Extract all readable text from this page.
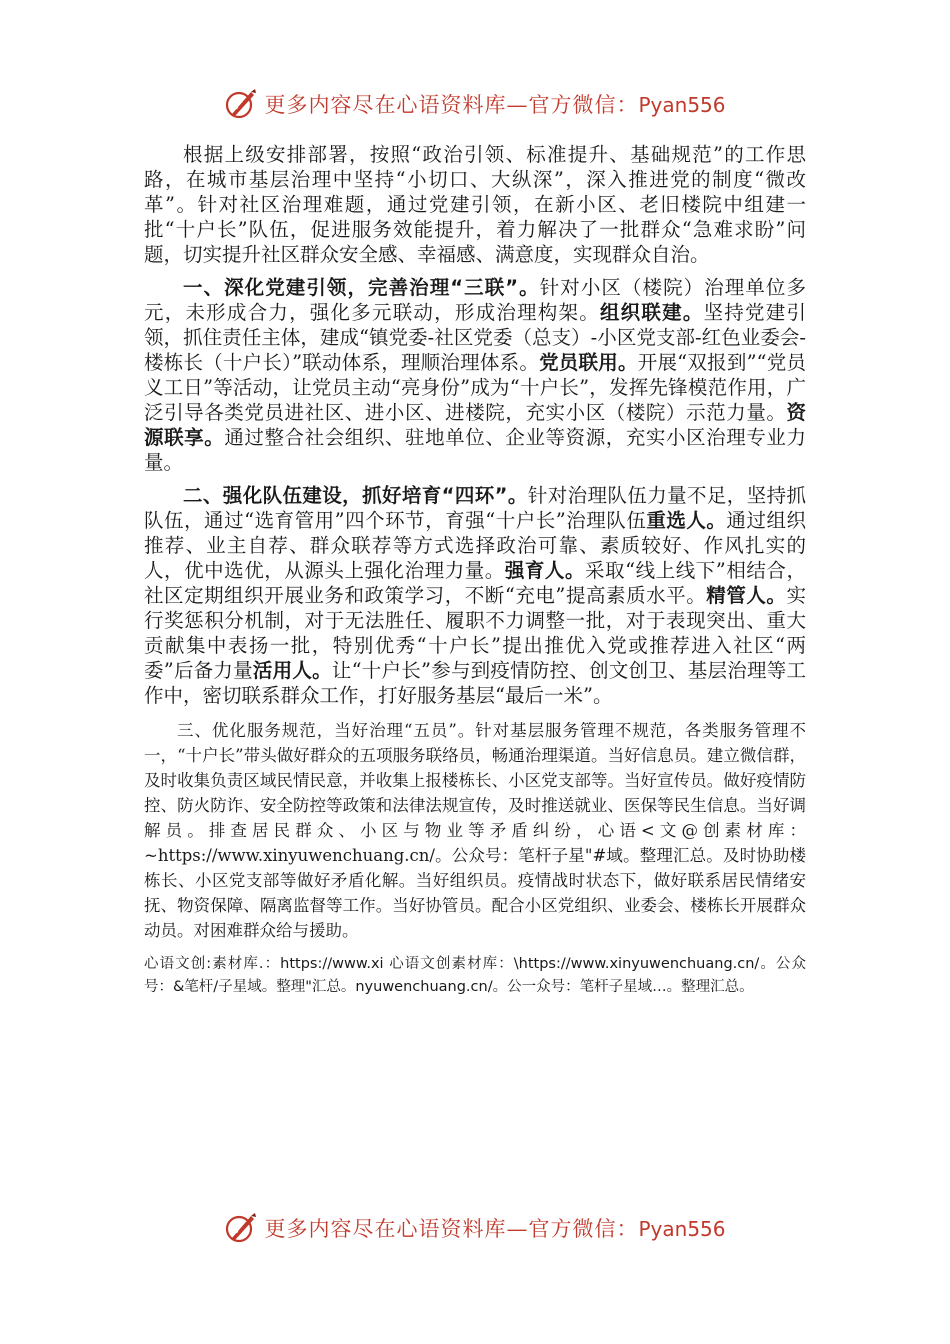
更多内容尽在心语资料库—官方微信：Pyan556

根据上级安排部署，按照“政治引领、标准提升、基础规范”的工作思路，在城市基层治理中坚持“小切口、大纵深”，深入推进党的制度“微改革”。针对社区治理难题，通过党建引领，在新小区、老旧楼院中组建一批“十户长”队伍，促进服务效能提升，着力解决了一批群众“急难求盼”问题，切实提升社区群众安全感、幸福感、满意度，实现群众自治。

一、深化党建引领，完善治理“三联”。针对小区（楼院）治理单位多元，未形成合力，强化多元联动，形成治理构架。组织联建。坚持党建引领，抓住责任主体，建成“镇党委-社区党委（总支）-小区党支部-红色业委会-楼栋长（十户长）”联动体系，理顺治理体系。党员联用。开展“双报到”“党员义工日”等活动，让党员主动“亮身份”成为“十户长”，发挥先锋模范作用，广泛引导各类党员进社区、进小区、进楼院，充实小区（楼院）示范力量。资源联享。通过整合社会组织、驻地单位、企业等资源，充实小区治理专业力量。

二、强化队伍建设，抓好培育“四环”。针对治理队伍力量不足，坚持抓队伍，通过“选育管用”四个环节，育强“十户长”治理队伍重选人。通过组织推荐、业主自荐、群众联荐等方式选择政治可靠、素质较好、作风扎实的人，优中选优，从源头上强化治理力量。强育人。采取“线上线下”相结合，社区定期组织开展业务和政策学习，不断“充电”提高素质水平。精管人。实行奖惩积分机制，对于无法胜任、履职不力调整一批，对于表现突出、重大贡献集中表扬一批，特别优秀“十户长”提出推优入党或推荐进入社区“两委”后备力量活用人。让“十户长”参与到疫情防控、创文创卫、基层治理等工作中，密切联系群众工作，打好服务基层“最后一米”。

三、优化服务规范，当好治理“五员”。针对基层服务管理不规范，各类服务管理不一，“十户长”带头做好群众的五项服务联络员，畅通治理渠道。当好信息员。建立微信群，及时收集负责区域民情民意，并收集上报楼栋长、小区党支部等。当好宣传员。做好疫情防控、防火防诈、安全防控等政策和法律法规宣传，及时推送就业、医保等民生信息。当好调解员。排查居民群众、小区与物业等矛盾纠纷，心语<文@创素材库：~https://www.xinyuwenchuang.cn/。公众号：笔杆子星"#域。整理汇总。及时协助楼栋长、小区党支部等做好矛盾化解。当好组织员。疫情战时状态下，做好联系居民情绪安抚、物资保障、隔离监督等工作。当好协管员。配合小区党组织、业委会、楼栋长开展群众动员。对困难群众给与援助。

心语文创:素材库.：https://www.xi 心语文创素材库：\https://www.xinyuwenchuang.cn/。公众号：&笔杆/子星域。整理"汇总。nyuwenchuang.cn/。公一众号：笔杆子星域…。整理汇总。

更多内容尽在心语资料库—官方微信：Pyan556
